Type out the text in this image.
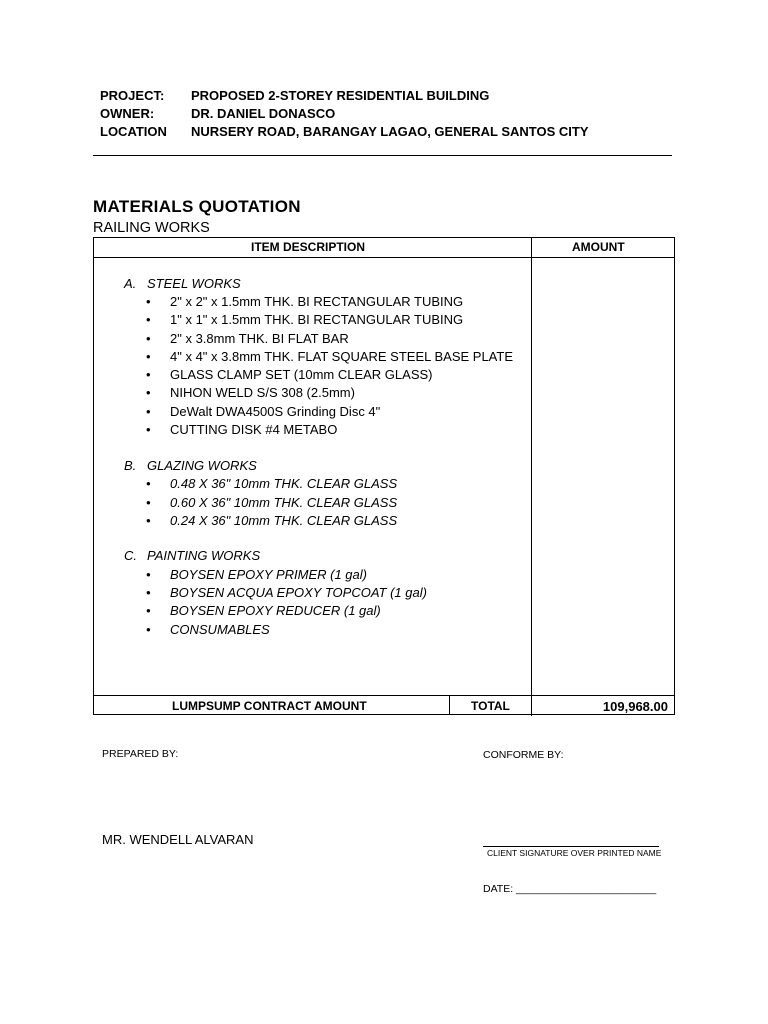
PROJECT: PROPOSED 2-STOREY RESIDENTIAL BUILDING
OWNER:	DR. DANIEL DONASCO
LOCATION NURSERY ROAD, BARANGAY LAGAO, GENERAL SANTOS CITY
MATERIALS QUOTATION
RAILING WORKS
ITEM DESCRIPTION	AMOUNT
A. STEEL WORKS
• 2" x 2" x 1.5mm THK. BI RECTANGULAR TUBING
• 1" x 1" x 1.5mm THK. BI RECTANGULAR TUBING
• 2" x 3.8mm THK. BI FLAT BAR
• 4" x 4" x 3.8mm THK. FLAT SQUARE STEEL BASE PLATE
• GLASS CLAMP SET (10mm CLEAR GLASS)
• NIHON WELD S/S 308 (2.5mm)
• DeWalt DWA4500S Grinding Disc 4"
• CUTTING DISK #4 METABO
B. GLAZING WORKS
• 0.48 X 36" 10mm THK. CLEAR GLASS
• 0.60 X 36" 10mm THK. CLEAR GLASS
• 0.24 X 36" 10mm THK. CLEAR GLASS
C. PAINTING WORKS
• BOYSEN EPOXY PRIMER (1 gal)
• BOYSEN ACQUA EPOXY TOPCOAT (1 gal)
• BOYSEN EPOXY REDUCER (1 gal)
• CONSUMABLES
LUMPSUMP CONTRACT AMOUNT	TOTAL	109,968.00
PREPARED BY:	CONFORME BY:
MR. WENDELL ALVARAN
CLIENT SIGNATURE OVER PRINTED NAME
DATE: ________________________
